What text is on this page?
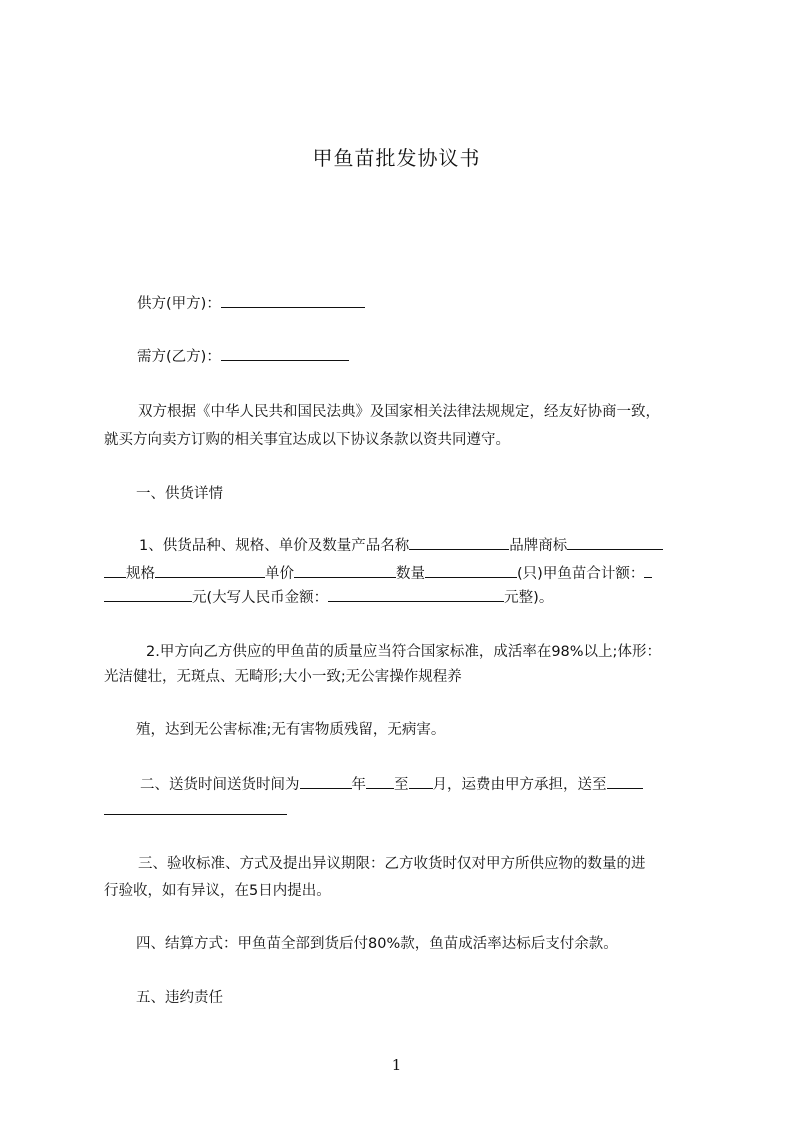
甲鱼苗批发协议书
供方(甲方)：
需方(乙方)：
双方根据《中华人民共和国民法典》及国家相关法律法规规定，经友好协商一致，
就买方向卖方订购的相关事宜达成以下协议条款以资共同遵守。
一、供货详情
1、供货品种、规格、单价及数量产品名称	品牌商标
规格	单价	数量	(只)甲鱼苗合计额：
元(大写人民币金额：	元整)。
2.甲方向乙方供应的甲鱼苗的质量应当符合国家标准，成活率在98%以上;体形：
光洁健壮，无斑点、无畸形;大小一致;无公害操作规程养
殖，达到无公害标准;无有害物质残留，无病害。
二、送货时间送货时间为	年 至 月，运费由甲方承担，送至
三、验收标准、方式及提出异议期限：乙方收货时仅对甲方所供应物的数量的进
行验收，如有异议，在5日内提出。
四、结算方式：甲鱼苗全部到货后付80%款，鱼苗成活率达标后支付余款。
五、违约责任
1
